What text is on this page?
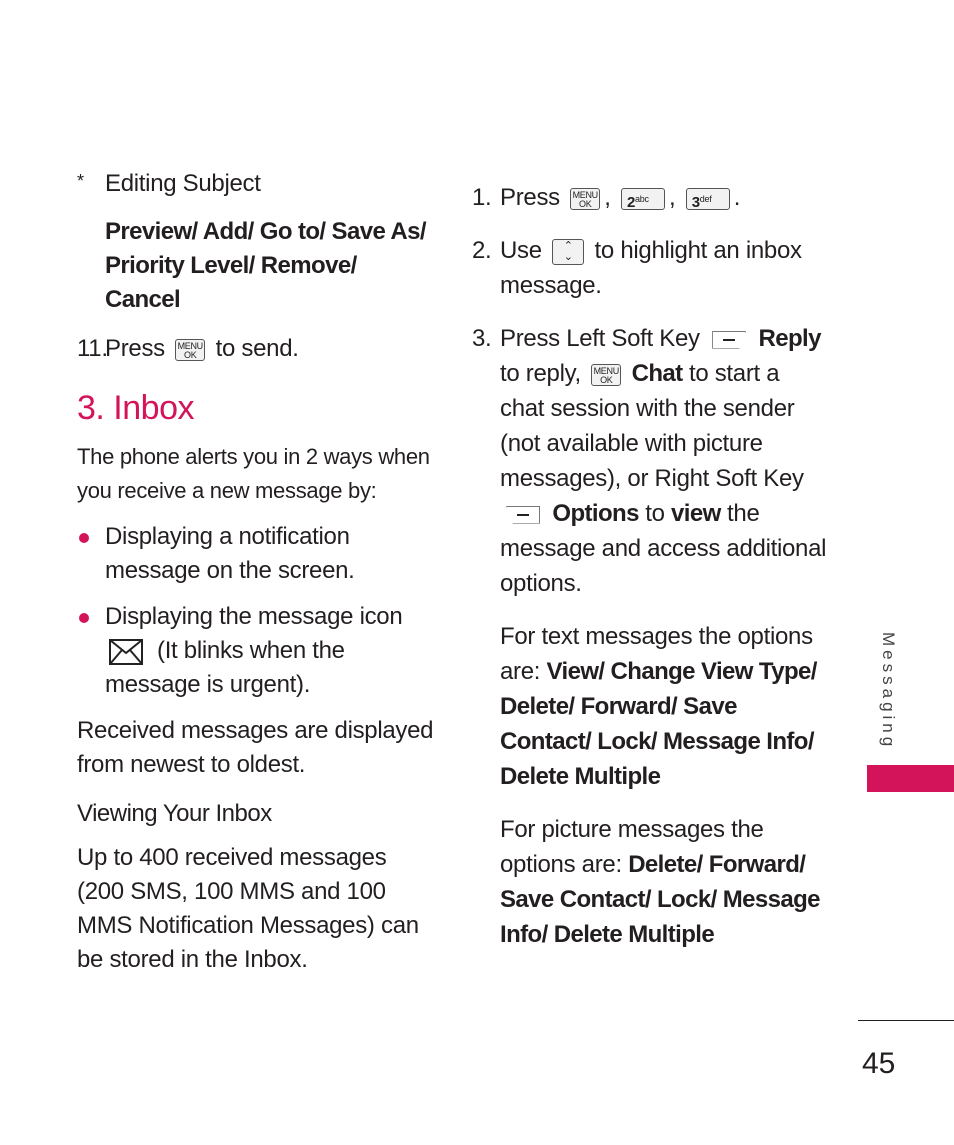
* Editing Subject

Preview/ Add/ Go to/ Save As/ Priority Level/ Remove/ Cancel

11.
Press MENU
OK to send.

3. Inbox

The phone alerts you in 2 ways when you receive a new message by:

Displaying a notification message on the screen.

Displaying the message icon (It blinks when the message is urgent).

Received messages are displayed from newest to oldest.

Viewing Your Inbox

Up to 400 received messages (200 SMS, 100 MMS and 100 MMS Notification Messages) can be stored in the Inbox.

1. Press MENU
OK , $2^{abc}$ , $3^{def}$ .

2. Use ⌃
⌄ to highlight an inbox message.

3. Press Left Soft Key Reply to reply, MENU
OK Chat to start a chat session with the sender (not available with picture messages), or Right Soft Key  Options to view the message and access additional options.

For text messages the options are: View/ Change View Type/ Delete/ Forward/ Save Contact/ Lock/ Message Info/ Delete Multiple

For picture messages the options are: Delete/ Forward/ Save Contact/ Lock/ Message Info/ Delete Multiple

Messaging
45
